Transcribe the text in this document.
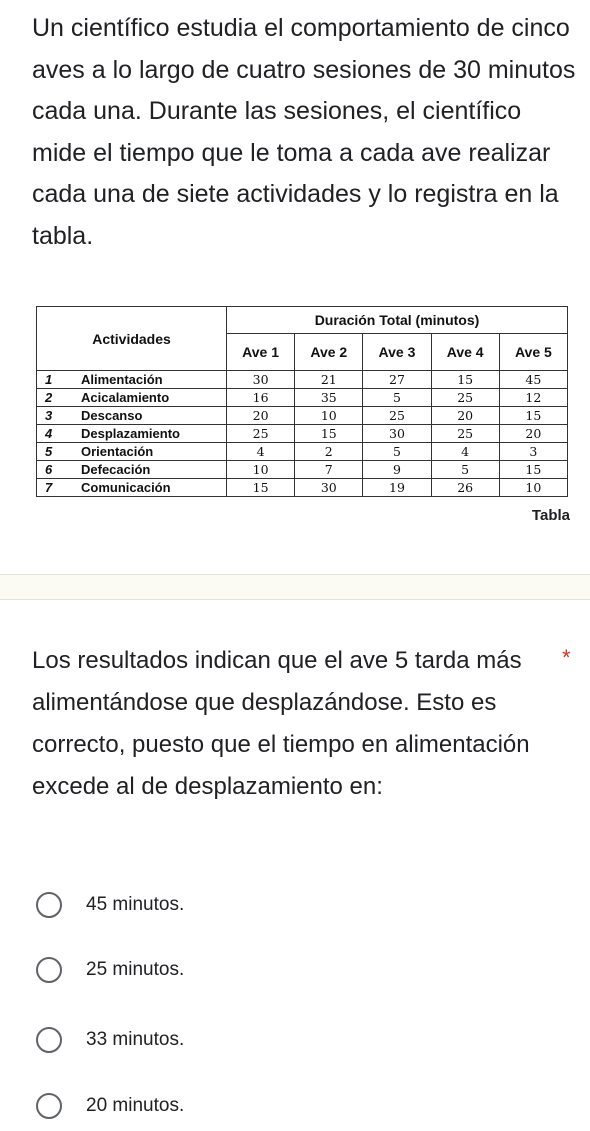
Un científico estudia el comportamiento de cinco aves a lo largo de cuatro sesiones de 30 minutos cada una. Durante las sesiones, el científico mide el tiempo que le toma a cada ave realizar cada una de siete actividades y lo registra en la tabla.

Actividades	Duración Total (minutos)				
	Ave 1	Ave 2	Ave 3	Ave 4	Ave 5
1 Alimentación	30	21	27	15	45
2 Acicalamiento	16	35	5	25	12
3 Descanso	20	10	25	20	15
4 Desplazamiento	25	15	30	25	20
5 Orientación	4	2	5	4	3
6 Defecación	10	7	9	5	15
7 Comunicación	15	30	19	26	10
Tabla

Los resultados indican que el ave 5 tarda más alimentándose que desplazándose. Esto es correcto, puesto que el tiempo en alimentación excede al de desplazamiento en:

*
45 minutos.
25 minutos.
33 minutos.
20 minutos.
